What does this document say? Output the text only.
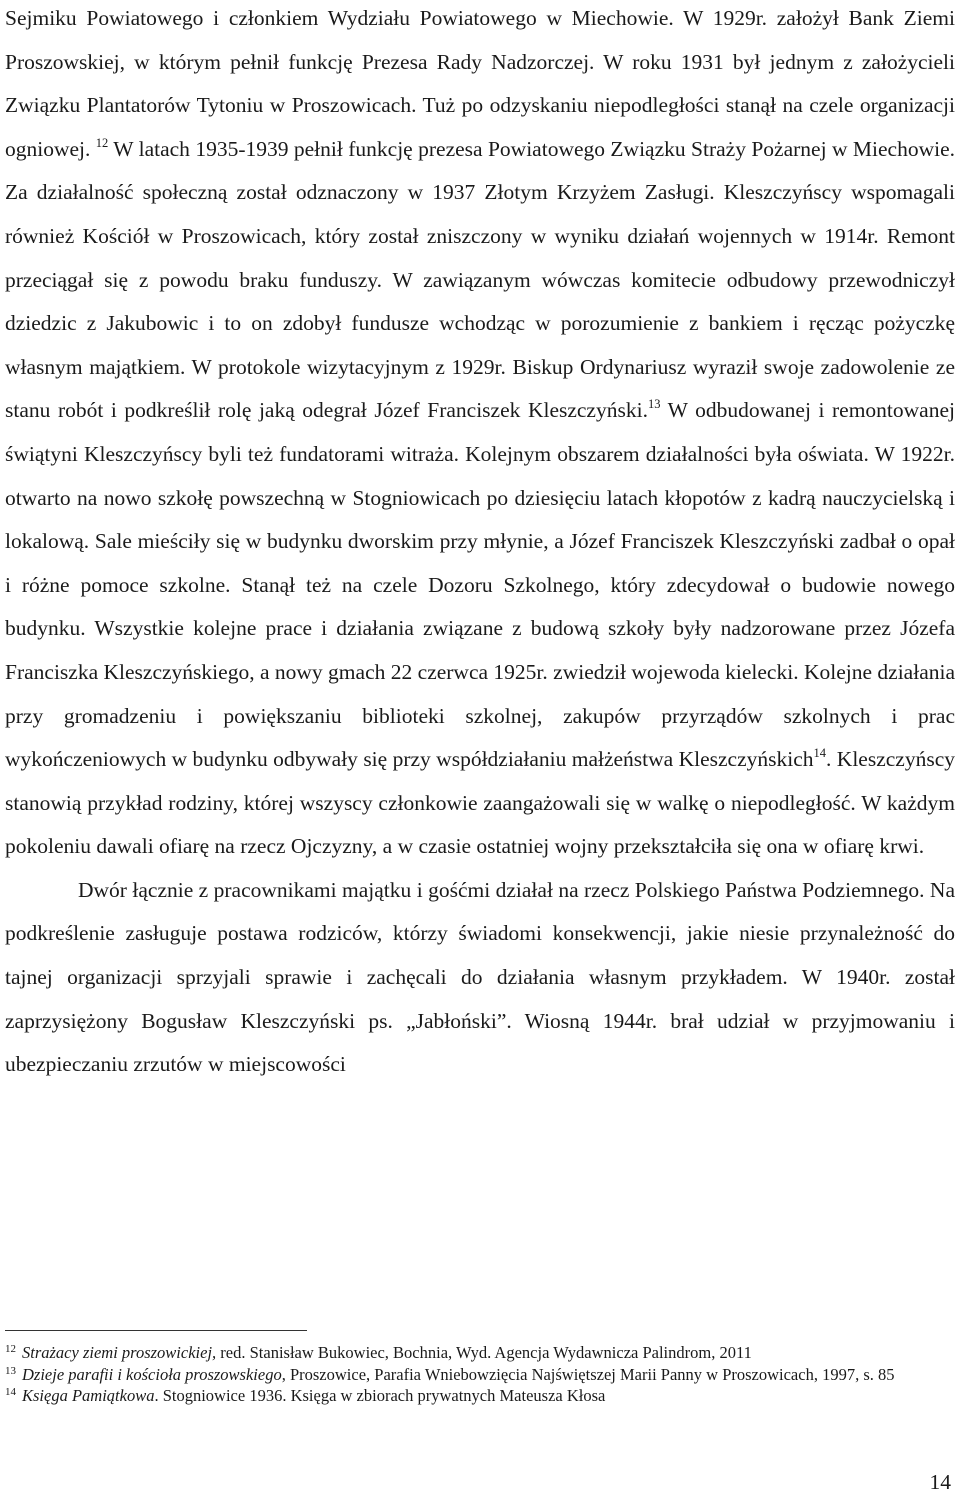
Sejmiku Powiatowego i członkiem Wydziału Powiatowego w Miechowie. W 1929r. założył Bank Ziemi Proszowskiej, w którym pełnił funkcję Prezesa Rady Nadzorczej. W roku 1931 był jednym z założycieli Związku Plantatorów Tytoniu w Proszowicach. Tuż po odzyskaniu niepodległości stanął na czele organizacji ogniowej. $^{12}$ W latach 1935-1939 pełnił funkcję prezesa Powiatowego Związku Straży Pożarnej w Miechowie. Za działalność społeczną został odznaczony w 1937 Złotym Krzyżem Zasługi. Kleszczyńscy wspomagali również Kościół w Proszowicach, który został zniszczony w wyniku działań wojennych w 1914r. Remont przeciągał się z powodu braku funduszy. W zawiązanym wówczas komitecie odbudowy przewodniczył dziedzic z Jakubowic i to on zdobył fundusze wchodząc w porozumienie z bankiem i ręcząc pożyczkę własnym majątkiem. W protokole wizytacyjnym z 1929r. Biskup Ordynariusz wyraził swoje zadowolenie ze stanu robót i podkreślił rolę jaką odegrał Józef Franciszek Kleszczyński.$^{13}$ W odbudowanej i remontowanej świątyni Kleszczyńscy byli też fundatorami witraża. Kolejnym obszarem działalności była oświata. W 1922r. otwarto na nowo szkołę powszechną w Stogniowicach po dziesięciu latach kłopotów z kadrą nauczycielską i lokalową. Sale mieściły się w budynku dworskim przy młynie, a Józef Franciszek Kleszczyński zadbał o opał i różne pomoce szkolne. Stanął też na czele Dozoru Szkolnego, który zdecydował o budowie nowego budynku. Wszystkie kolejne prace i działania związane z budową szkoły były nadzorowane przez Józefa Franciszka Kleszczyńskiego, a nowy gmach 22 czerwca 1925r. zwiedził wojewoda kielecki. Kolejne działania przy gromadzeniu i powiększaniu biblioteki szkolnej, zakupów przyrządów szkolnych i prac wykończeniowych w budynku odbywały się przy współdziałaniu małżeństwa Kleszczyńskich$^{14}$. Kleszczyńscy stanowią przykład rodziny, której wszyscy członkowie zaangażowali się w walkę o niepodległość. W każdym pokoleniu dawali ofiarę na rzecz Ojczyzny, a w czasie ostatniej wojny przekształciła się ona w ofiarę krwi.

Dwór łącznie z pracownikami majątku i gośćmi działał na rzecz Polskiego Państwa Podziemnego. Na podkreślenie zasługuje postawa rodziców, którzy świadomi konsekwencji, jakie niesie przynależność do tajnej organizacji sprzyjali sprawie i zachęcali do działania własnym przykładem. W 1940r. został zaprzysiężony Bogusław Kleszczyński ps. „Jabłoński”. Wiosną 1944r. brał udział w przyjmowaniu i ubezpieczaniu zrzutów w miejscowości

$^{12}$ Strażacy ziemi proszowickiej, red. Stanisław Bukowiec, Bochnia, Wyd. Agencja Wydawnicza Palindrom, 2011

$^{13}$ Dzieje parafii i kościoła proszowskiego, Proszowice, Parafia Wniebowzięcia Najświętszej Marii Panny w Proszowicach, 1997, s. 85

$^{14}$ Księga Pamiątkowa. Stogniowice 1936. Księga w zbiorach prywatnych Mateusza Kłosa

14
